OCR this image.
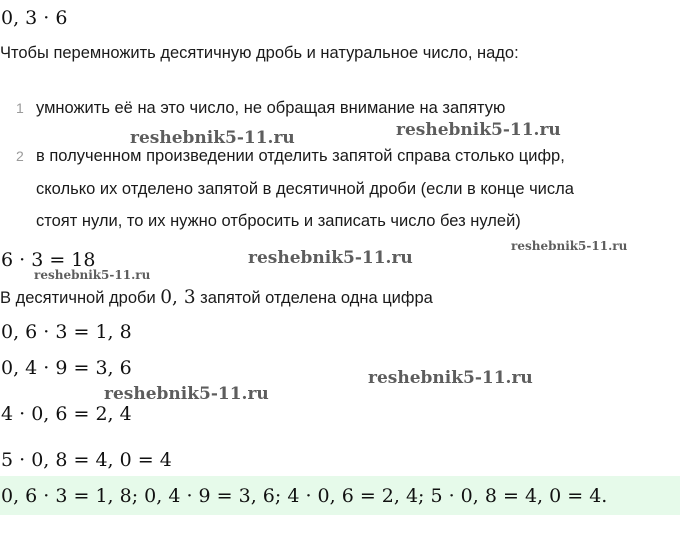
0, 3 · 6
Чтобы перемножить десятичную дробь и натуральное число, надо:
1 умножить её на это число, не обращая внимание на запятую
2 в полученном произведении отделить запятой справа столько цифр,
сколько их отделено запятой в десятичной дроби (если в конце числа
стоят нули, то их нужно отбросить и записать число без нулей)
6 · 3 = 18
В десятичной дроби 0, 3 запятой отделена одна цифра
0, 6 · 3 = 1, 8
0, 4 · 9 = 3, 6
4 · 0, 6 = 2, 4
5 · 0, 8 = 4, 0 = 4
0, 6 · 3 = 1, 8; 0, 4 · 9 = 3, 6; 4 · 0, 6 = 2, 4; 5 · 0, 8 = 4, 0 = 4.
reshebnik5-11.ru	reshebnik5-11.ru
reshebnik5-11.ru
reshebnik5-11.ru
reshebnik5-11.ru
reshebnik5-11.ru
reshebnik5-11.ru
